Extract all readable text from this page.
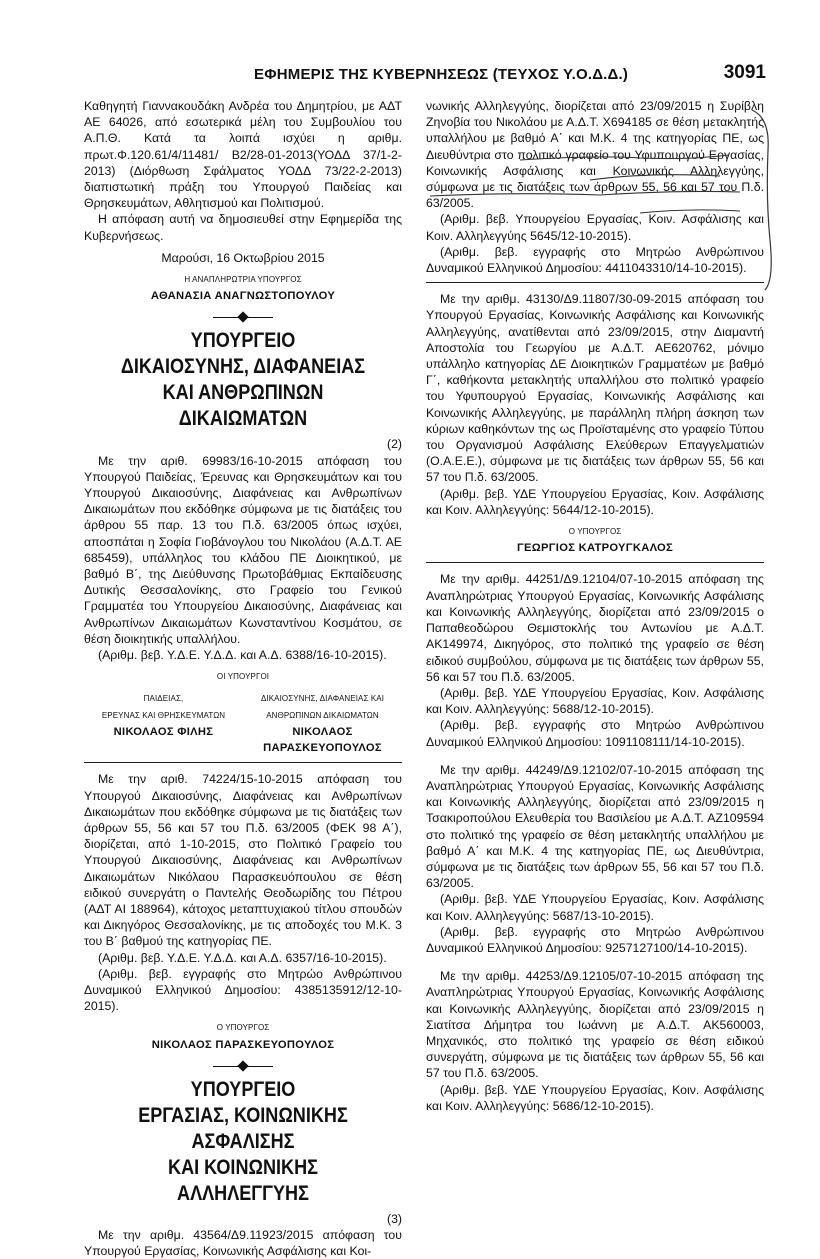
ΕΦΗΜΕΡΙΣ ΤΗΣ ΚΥΒΕΡΝΗΣΕΩΣ (ΤΕΥΧΟΣ Υ.Ο.Δ.Δ.)	3091

Καθηγητή Γιαννακουδάκη Ανδρέα του Δημητρίου, με ΑΔΤ ΑΕ 64026, από εσωτερικά μέλη του Συμβουλίου του Α.Π.Θ. Κατά τα λοιπά ισχύει η αριθμ. πρωτ.Φ.120.61/4/11481/ Β2/28-01-2013(ΥΟΔΔ 37/1-2-2013) (Διόρθωση Σφάλματος ΥΟΔΔ 73/22-2-2013) διαπιστωτική πράξη του Υπουργού Παιδείας και Θρησκευμάτων, Αθλητισμού και Πολιτισμού.

Η απόφαση αυτή να δημοσιευθεί στην Εφημερίδα της Κυβερνήσεως.

Μαρούσι, 16 Οκτωβρίου 2015

Η ΑΝΑΠΛΗΡΩΤΡΙΑ ΥΠΟΥΡΓΟΣ

ΑΘΑΝΑΣΙΑ ΑΝΑΓΝΩΣΤΟΠΟΥΛΟΥ

ΥΠΟΥΡΓΕΙΟ
ΔΙΚΑΙΟΣΥΝΗΣ, ΔΙΑΦΑΝΕΙΑΣ
ΚΑΙ ΑΝΘΡΩΠΙΝΩΝ ΔΙΚΑΙΩΜΑΤΩΝ

(2)

Με την αριθ. 69983/16-10-2015 απόφαση του Υπουργού Παιδείας, Έρευνας και Θρησκευμάτων και του Υπουργού Δικαιοσύνης, Διαφάνειας και Ανθρωπίνων Δικαιωμάτων που εκδόθηκε σύμφωνα με τις διατάξεις του άρθρου 55 παρ. 13 του Π.δ. 63/2005 όπως ισχύει, αποσπάται η Σοφία Γιοβάνογλου του Νικολάου (Α.Δ.Τ. ΑΕ 685459), υπάλληλος του κλάδου ΠΕ Διοικητικού, με βαθμό Β΄, της Διεύθυνσης Πρωτοβάθμιας Εκπαίδευσης Δυτικής Θεσσαλονίκης, στο Γραφείο του Γενικού Γραμματέα του Υπουργείου Δικαιοσύνης, Διαφάνειας και Ανθρωπίνων Δικαιωμάτων Κωνσταντίνου Κοσμάτου, σε θέση διοικητικής υπαλλήλου.

(Αριθμ. βεβ. Υ.Δ.Ε. Υ.Δ.Δ. και Α.Δ. 6388/16-10-2015).

ΟΙ ΥΠΟΥΡΓΟΙ

ΠΑΙΔΕΙΑΣ,
ΕΡΕΥΝΑΣ ΚΑΙ ΘΡΗΣΚΕΥΜΑΤΩΝ
ΝΙΚΟΛΑΟΣ ΦΙΛΗΣ
ΔΙΚΑΙΟΣΥΝΗΣ, ΔΙΑΦΑΝΕΙΑΣ ΚΑΙ
ΑΝΘΡΩΠΙΝΩΝ ΔΙΚΑΙΩΜΑΤΩΝ
ΝΙΚΟΛΑΟΣ ΠΑΡΑΣΚΕΥΟΠΟΥΛΟΣ

Με την αριθ. 74224/15-10-2015 απόφαση του Υπουργού Δικαιοσύνης, Διαφάνειας και Ανθρωπίνων Δικαιωμάτων που εκδόθηκε σύμφωνα με τις διατάξεις των άρθρων 55, 56 και 57 του Π.δ. 63/2005 (ΦΕΚ 98 Α΄), διορίζεται, από 1-10-2015, στο Πολιτικό Γραφείο του Υπουργού Δικαιοσύνης, Διαφάνειας και Ανθρωπίνων Δικαιωμάτων Νικόλαου Παρασκευόπουλου σε θέση ειδικού συνεργάτη ο Παντελής Θεοδωρίδης του Πέτρου (ΑΔΤ ΑΙ 188964), κάτοχος μεταπτυχιακού τίτλου σπουδών και Δικηγόρος Θεσσαλονίκης, με τις αποδοχές του Μ.Κ. 3 του Β΄ βαθμού της κατηγορίας ΠΕ.

(Αριθμ. βεβ. Υ.Δ.Ε. Υ.Δ.Δ. και Α.Δ. 6357/16-10-2015).

(Αριθμ. βεβ. εγγραφής στο Μητρώο Ανθρώπινου Δυναμικού Ελληνικού Δημοσίου: 4385135912/12-10-2015).

Ο ΥΠΟΥΡΓΟΣ

ΝΙΚΟΛΑΟΣ ΠΑΡΑΣΚΕΥΟΠΟΥΛΟΣ

ΥΠΟΥΡΓΕΙΟ
ΕΡΓΑΣΙΑΣ, ΚΟΙΝΩΝΙΚΗΣ ΑΣΦΑΛΙΣΗΣ
ΚΑΙ ΚΟΙΝΩΝΙΚΗΣ ΑΛΛΗΛΕΓΓΥΗΣ

(3)

Με την αριθμ. 43564/Δ9.11923/2015 απόφαση του Υπουργού Εργασίας, Κοινωνικής Ασφάλισης και Κοι-

νωνικής Αλληλεγγύης, διορίζεται από 23/09/2015 η Συρίβλη Ζηνοβία του Νικολάου με Α.Δ.Τ. Χ694185 σε θέση μετακλητής υπαλλήλου με βαθμό Α΄ και Μ.Κ. 4 της κατηγορίας ΠΕ, ως Διευθύντρια στο πολιτικό γραφείο του Υφυπουργού Εργασίας, Κοινωνικής Ασφάλισης και Κοινωνικής Αλληλεγγύης, σύμφωνα με τις διατάξεις των άρθρων 55, 56 και 57 του Π.δ. 63/2005.

(Αριθμ. βεβ. Υπουργείου Εργασίας, Κοιν. Ασφάλισης και Κοιν. Αλληλεγγύης 5645/12-10-2015).

(Αριθμ. βεβ. εγγραφής στο Μητρώο Ανθρώπινου Δυναμικού Ελληνικού Δημοσίου: 4411043310/14-10-2015).

Με την αριθμ. 43130/Δ9.11807/30-09-2015 απόφαση του Υπουργού Εργασίας, Κοινωνικής Ασφάλισης και Κοινωνικής Αλληλεγγύης, ανατίθενται από 23/09/2015, στην Διαμαντή Αποστολία του Γεωργίου με Α.Δ.Τ. ΑΕ620762, μόνιμο υπάλληλο κατηγορίας ΔΕ Διοικητικών Γραμματέων με βαθμό Γ΄, καθήκοντα μετακλητής υπαλλήλου στο πολιτικό γραφείο του Υφυπουργού Εργασίας, Κοινωνικής Ασφάλισης και Κοινωνικής Αλληλεγγύης, με παράλληλη πλήρη άσκηση των κύριων καθηκόντων της ως Προϊσταμένης στο γραφείο Τύπου του Οργανισμού Ασφάλισης Ελεύθερων Επαγγελματιών (Ο.Α.Ε.Ε.), σύμφωνα με τις διατάξεις των άρθρων 55, 56 και 57 του Π.δ. 63/2005.

(Αριθμ. βεβ. ΥΔΕ Υπουργείου Εργασίας, Κοιν. Ασφάλισης και Κοιν. Αλληλεγγύης: 5644/12-10-2015).

Ο ΥΠΟΥΡΓΟΣ

ΓΕΩΡΓΙΟΣ ΚΑΤΡΟΥΓΚΑΛΟΣ

Με την αριθμ. 44251/Δ9.12104/07-10-2015 απόφαση της Αναπληρώτριας Υπουργού Εργασίας, Κοινωνικής Ασφάλισης και Κοινωνικής Αλληλεγγύης, διορίζεται από 23/09/2015 ο Παπαθεοδώρου Θεμιστοκλής του Αντωνίου με Α.Δ.Τ. ΑΚ149974, Δικηγόρος, στο πολιτικό της γραφείο σε θέση ειδικού συμβούλου, σύμφωνα με τις διατάξεις των άρθρων 55, 56 και 57 του Π.δ. 63/2005.

(Αριθμ. βεβ. ΥΔΕ Υπουργείου Εργασίας, Κοιν. Ασφάλισης και Κοιν. Αλληλεγγύης: 5688/12-10-2015).

(Αριθμ. βεβ. εγγραφής στο Μητρώο Ανθρώπινου Δυναμικού Ελληνικού Δημοσίου: 1091108111/14-10-2015).

Με την αριθμ. 44249/Δ9.12102/07-10-2015 απόφαση της Αναπληρώτριας Υπουργού Εργασίας, Κοινωνικής Ασφάλισης και Κοινωνικής Αλληλεγγύης, διορίζεται από 23/09/2015 η Τσακιροπούλου Ελευθερία του Βασιλείου με Α.Δ.Τ. ΑΖ109594 στο πολιτικό της γραφείο σε θέση μετακλητής υπαλλήλου με βαθμό Α΄ και Μ.Κ. 4 της κατηγορίας ΠΕ, ως Διευθύντρια, σύμφωνα με τις διατάξεις των άρθρων 55, 56 και 57 του Π.δ. 63/2005.

(Αριθμ. βεβ. ΥΔΕ Υπουργείου Εργασίας, Κοιν. Ασφάλισης και Κοιν. Αλληλεγγύης: 5687/13-10-2015).

(Αριθμ. βεβ. εγγραφής στο Μητρώο Ανθρώπινου Δυναμικού Ελληνικού Δημοσίου: 9257127100/14-10-2015).

Με την αριθμ. 44253/Δ9.12105/07-10-2015 απόφαση της Αναπληρώτριας Υπουργού Εργασίας, Κοινωνικής Ασφάλισης και Κοινωνικής Αλληλεγγύης, διορίζεται από 23/09/2015 η Σιατίτσα Δήμητρα του Ιωάννη με Α.Δ.Τ. ΑΚ560003, Μηχανικός, στο πολιτικό της γραφείο σε θέση ειδικού συνεργάτη, σύμφωνα με τις διατάξεις των άρθρων 55, 56 και 57 του Π.δ. 63/2005.

(Αριθμ. βεβ. ΥΔΕ Υπουργείου Εργασίας, Κοιν. Ασφάλισης και Κοιν. Αλληλεγγύης: 5686/12-10-2015).
